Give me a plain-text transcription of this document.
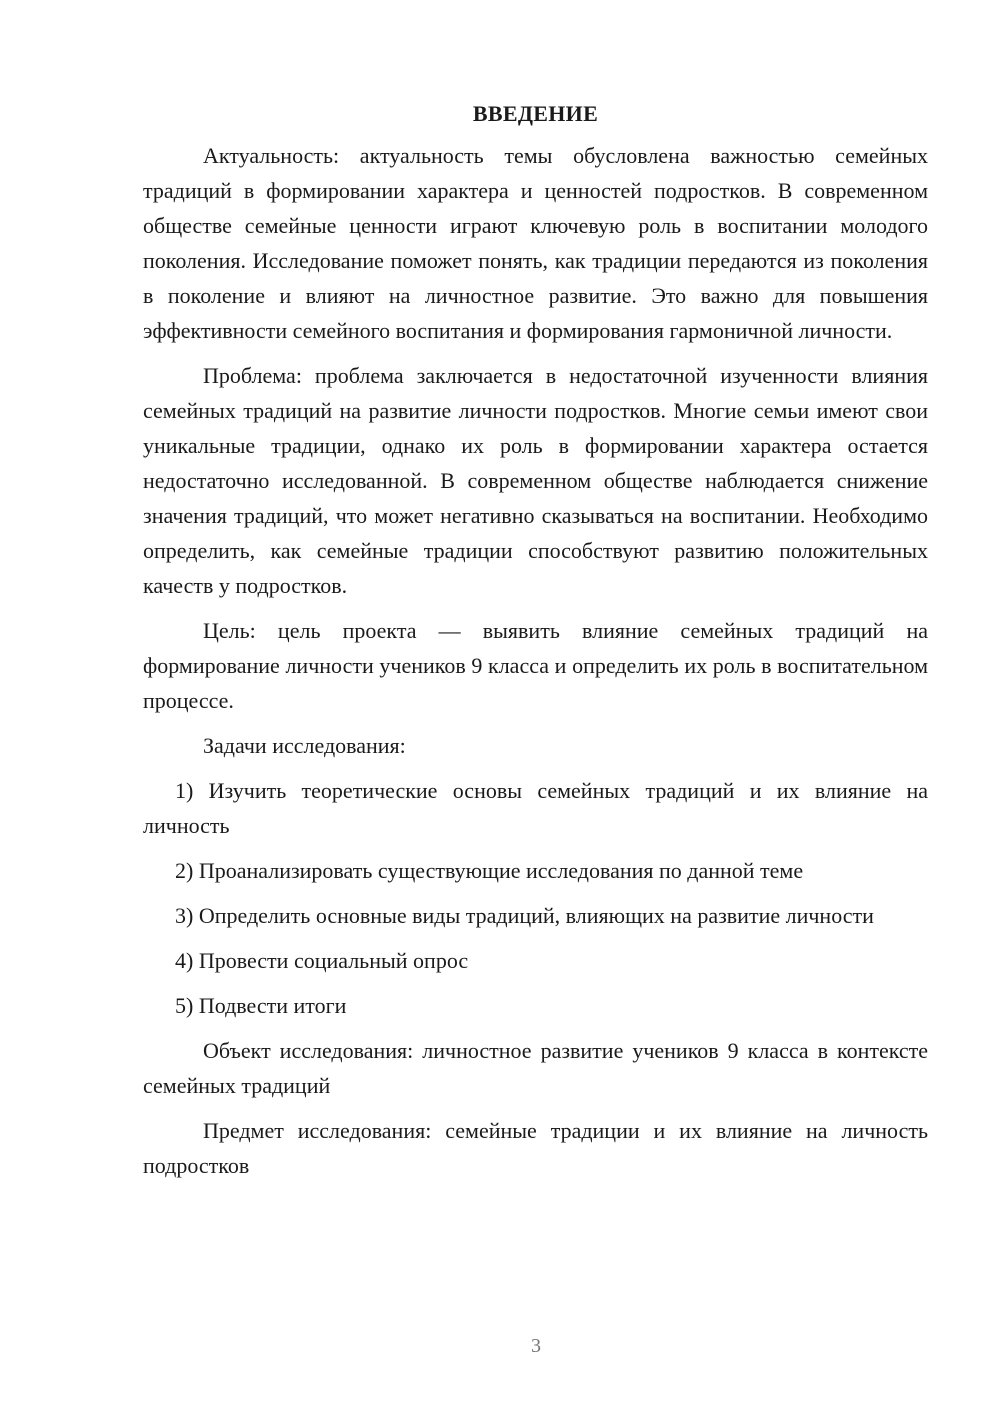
ВВЕДЕНИЕ

Актуальность: актуальность темы обусловлена важностью семейных традиций в формировании характера и ценностей подростков. В современном обществе семейные ценности играют ключевую роль в воспитании молодого поколения. Исследование поможет понять, как традиции передаются из поколения в поколение и влияют на личностное развитие. Это важно для повышения эффективности семейного воспитания и формирования гармоничной личности.

Проблема: проблема заключается в недостаточной изученности влияния семейных традиций на развитие личности подростков. Многие семьи имеют свои уникальные традиции, однако их роль в формировании характера остается недостаточно исследованной. В современном обществе наблюдается снижение значения традиций, что может негативно сказываться на воспитании. Необходимо определить, как семейные традиции способствуют развитию положительных качеств у подростков.

Цель: цель проекта — выявить влияние семейных традиций на формирование личности учеников 9 класса и определить их роль в воспитательном процессе.

Задачи исследования:

1) Изучить теоретические основы семейных традиций и их влияние на личность

2) Проанализировать существующие исследования по данной теме

3) Определить основные виды традиций, влияющих на развитие личности

4) Провести социальный опрос

5) Подвести итоги

Объект исследования: личностное развитие учеников 9 класса в контексте семейных традиций

Предмет исследования: семейные традиции и их влияние на личность подростков

3
